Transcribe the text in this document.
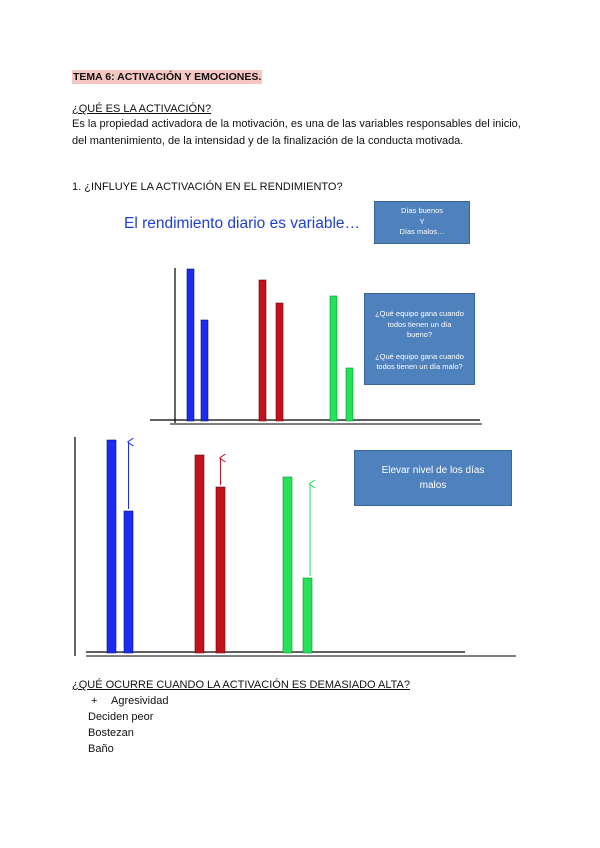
TEMA 6: ACTIVACIÓN Y EMOCIONES.
¿QUÉ ES LA ACTIVACIÓN?
Es la propiedad activadora de la motivación, es una de las variables responsables del inicio, del mantenimiento, de la intensidad y de la finalización de la conducta motivada.
1. ¿INFLUYE LA ACTIVACIÓN EN EL RENDIMIENTO?
El rendimiento diario es variable…
Días buenos
Y
Días malos…
¿Qué equipo gana cuando
todos tienen un día
bueno?
¿Qué equipo gana cuando
todos tienen un día malo?
Elevar nivel de los días
malos
¿QUÉ OCURRE CUANDO LA ACTIVACIÓN ES DEMASIADO ALTA?
+ Agresividad
Deciden peor
Bostezan
Baño
